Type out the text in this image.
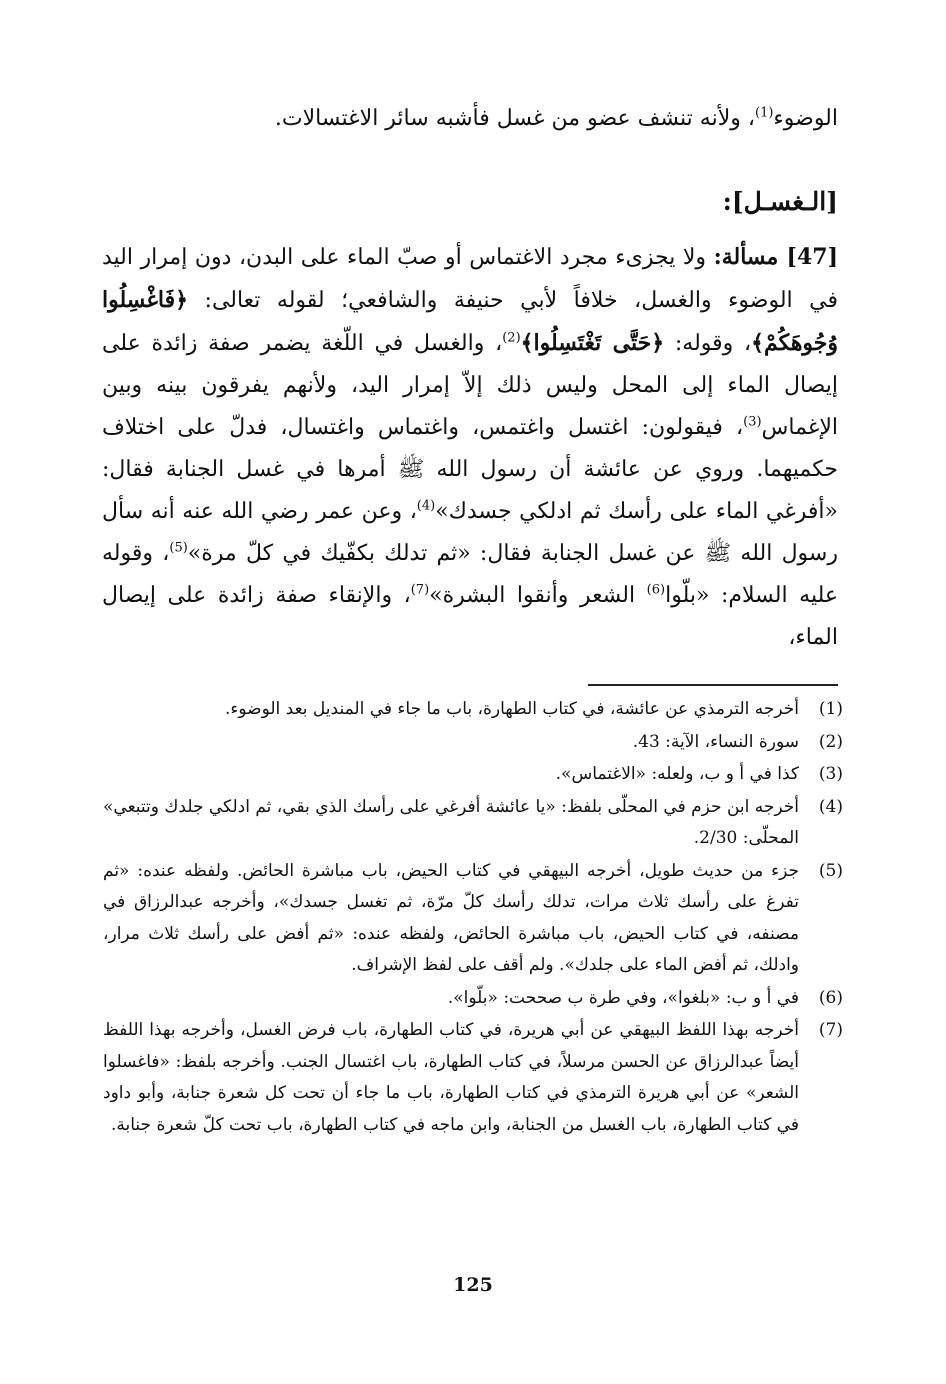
الوضوء$^{(1)}$، ولأنه تنشف عضو من غسل فأشبه سائر الاغتسالات.

[الـغسـل]:

[47] مسألة: ولا يجزىء مجرد الاغتماس أو صبّ الماء على البدن، دون إمرار اليد في الوضوء والغسل، خلافاً لأبي حنيفة والشافعي؛ لقوله تعالى: ﴿فَاغْسِلُوا وُجُوهَكُمْ﴾، وقوله: ﴿حَتَّى تَغْتَسِلُوا﴾$^{(2)}$، والغسل في اللّغة يضمر صفة زائدة على إيصال الماء إلى المحل وليس ذلك إلاّ إمرار اليد، ولأنهم يفرقون بينه وبين الإغماس$^{(3)}$، فيقولون: اغتسل واغتمس، واغتماس واغتسال، فدلّ على اختلاف حكميهما. وروي عن عائشة أن رسول الله ﷺ أمرها في غسل الجنابة فقال: «أفرغي الماء على رأسك ثم ادلكي جسدك»$^{(4)}$، وعن عمر رضي الله عنه أنه سأل رسول الله ﷺ عن غسل الجنابة فقال: «ثم تدلك بكفّيك في كلّ مرة»$^{(5)}$، وقوله عليه السلام: «بلّوا$^{(6)}$ الشعر وأنقوا البشرة»$^{(7)}$، والإنقاء صفة زائدة على إيصال الماء،

(1)
أخرجه الترمذي عن عائشة، في كتاب الطهارة، باب ما جاء في المنديل بعد الوضوء.
(2)
سورة النساء، الآية: 43.
(3)
كذا في أ و ب، ولعله: «الاغتماس».
(4)
أخرجه ابن حزم في المحلّى بلفظ: «يا عائشة أفرغي على رأسك الذي بقي، ثم ادلكي جلدك وتتبعي» المحلّى: 2/30.
(5)
جزء من حديث طويل، أخرجه البيهقي في كتاب الحيض، باب مباشرة الحائض. ولفظه عنده: «ثم تفرغ على رأسك ثلاث مرات، تدلك رأسك كلّ مرّة، ثم تغسل جسدك»، وأخرجه عبدالرزاق في مصنفه، في كتاب الحيض، باب مباشرة الحائض، ولفظه عنده: «ثم أفض على رأسك ثلاث مرار، وادلك، ثم أفض الماء على جلدك». ولم أقف على لفظ الإشراف.
(6)
في أ و ب: «بلغوا»، وفي طرة ب صححت: «بلّوا».
(7)
أخرجه بهذا اللفظ البيهقي عن أبي هريرة، في كتاب الطهارة، باب فرض الغسل، وأخرجه بهذا اللفظ أيضاً عبدالرزاق عن الحسن مرسلاً، في كتاب الطهارة، باب اغتسال الجنب. وأخرجه بلفظ: «فاغسلوا الشعر» عن أبي هريرة الترمذي في كتاب الطهارة، باب ما جاء أن تحت كل شعرة جنابة، وأبو داود في كتاب الطهارة، باب الغسل من الجنابة، وابن ماجه في كتاب الطهارة، باب تحت كلّ شعرة جنابة.
125
